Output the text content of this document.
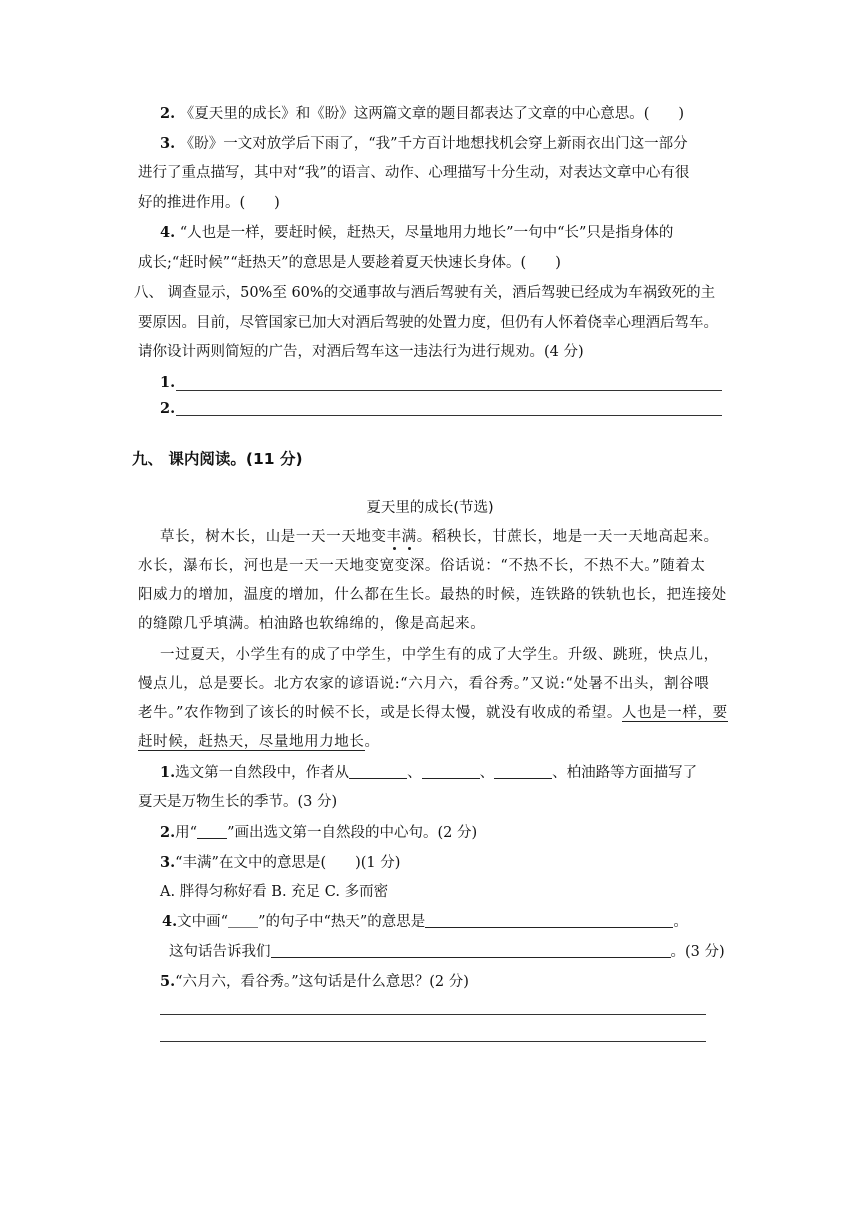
2. 《夏天里的成长》和《盼》这两篇文章的题目都表达了文章的中心意思。(　　)
3. 《盼》一文对放学后下雨了，“我”千方百计地想找机会穿上新雨衣出门这一部分
进行了重点描写，其中对“我”的语言、动作、心理描写十分生动，对表达文章中心有很
好的推进作用。(　　)
4. “人也是一样，要赶时候，赶热天，尽量地用力地长”一句中“长”只是指身体的
成长;“赶时候”“赶热天”的意思是人要趁着夏天快速长身体。(　　)
八、 调查显示，50%至 60%的交通事故与酒后驾驶有关，酒后驾驶已经成为车祸致死的主
要原因。目前，尽管国家已加大对酒后驾驶的处置力度，但仍有人怀着侥幸心理酒后驾车。
请你设计两则简短的广告，对酒后驾车这一违法行为进行规劝。(4 分)
1.
2.
九、 课内阅读。(11 分)
夏天里的成长(节选)
草长，树木长，山是一天一天地变丰满。稻秧长，甘蔗长，地是一天一天地高起来。
水长，瀑布长，河也是一天一天地变宽变深。俗话说：“不热不长，不热不大。”随着太
阳威力的增加，温度的增加，什么都在生长。最热的时候，连铁路的铁轨也长，把连接处
的缝隙几乎填满。柏油路也软绵绵的，像是高起来。
一过夏天，小学生有的成了中学生，中学生有的成了大学生。升级、跳班，快点儿，
慢点儿，总是要长。北方农家的谚语说:“六月六，看谷秀。”又说:“处暑不出头，割谷喂
老牛。”农作物到了该长的时候不长，或是长得太慢，就没有收成的希望。人也是一样，要
赶时候，赶热天，尽量地用力地长。
1.选文第一自然段中，作者从	、	、	、柏油路等方面描写了
夏天是万物生长的季节。(3 分)
2.用“ ”画出选文第一自然段的中心句。(2 分)
3.“丰满”在文中的意思是(　　)(1 分)
A. 胖得匀称好看 B. 充足 C. 多而密
4.文中画“ ”的句子中“热天”的意思是	。
这句话告诉我们	。(3 分)
5.“六月六，看谷秀。”这句话是什么意思？(2 分)
